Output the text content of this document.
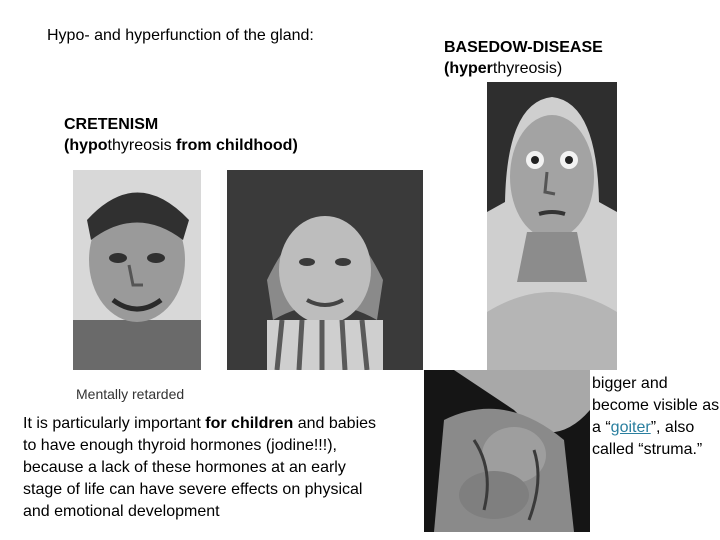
Hypo- and hyperfunction of the gland:
BASEDOW-DISEASE
(hyperthyreosis)
CRETENISM
(hypothyreosis from childhood)
Mentally retarded
It is particularly important for children and babies to have enough thyroid hormones (jodine!!!), because a lack of these hormones at an early stage of life can have severe effects on physical and emotional development
bigger and become visible as a “goiter”, also called “struma.”
